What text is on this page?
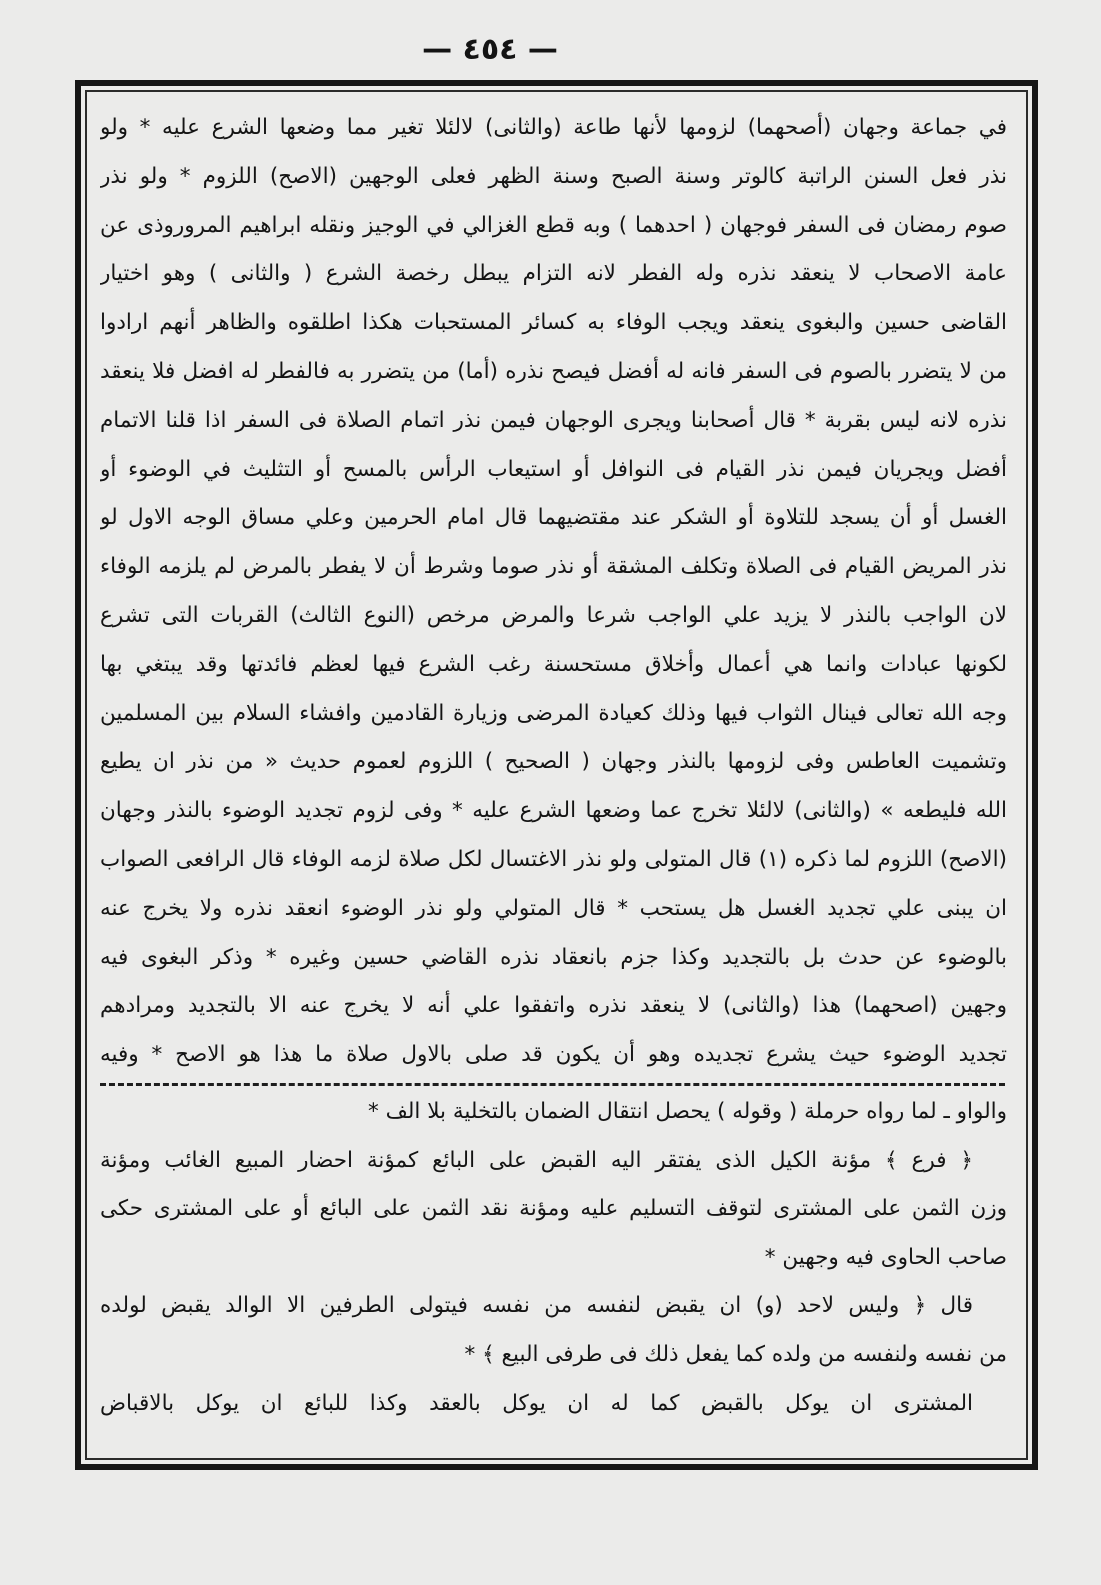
— ٤٥٤ —
في جماعة وجهان (أصحهما) لزومها لأنها طاعة (والثانى) لالئلا تغير مما وضعها الشرع عليه * ولو
نذر فعل السنن الراتبة كالوتر وسنة الصبح وسنة الظهر فعلى الوجهين (الاصح) اللزوم * ولو نذر
صوم رمضان فى السفر فوجهان ( احدهما ) وبه قطع الغزالي في الوجيز ونقله ابراهيم المروروذى عن
عامة الاصحاب لا ينعقد نذره وله الفطر لانه التزام يبطل رخصة الشرع ( والثانى ) وهو اختيار
القاضى حسين والبغوى ينعقد ويجب الوفاء به كسائر المستحبات هكذا اطلقوه والظاهر أنهم ارادوا
من لا يتضرر بالصوم فى السفر فانه له أفضل فيصح نذره (أما) من يتضرر به فالفطر له افضل فلا ينعقد
نذره لانه ليس بقربة * قال أصحابنا ويجرى الوجهان فيمن نذر اتمام الصلاة فى السفر اذا قلنا الاتمام
أفضل ويجريان فيمن نذر القيام فى النوافل أو استيعاب الرأس بالمسح أو التثليث في الوضوء أو
الغسل أو أن يسجد للتلاوة أو الشكر عند مقتضيهما قال امام الحرمين وعلي مساق الوجه الاول لو
نذر المريض القيام فى الصلاة وتكلف المشقة أو نذر صوما وشرط أن لا يفطر بالمرض لم يلزمه الوفاء
لان الواجب بالنذر لا يزيد علي الواجب شرعا والمرض مرخص (النوع الثالث) القربات التى تشرع
لكونها عبادات وانما هي أعمال وأخلاق مستحسنة رغب الشرع فيها لعظم فائدتها وقد يبتغي بها
وجه الله تعالى فينال الثواب فيها وذلك كعيادة المرضى وزيارة القادمين وافشاء السلام بين المسلمين
وتشميت العاطس وفى لزومها بالنذر وجهان ( الصحيح ) اللزوم لعموم حديث « من نذر ان يطيع
الله فليطعه » (والثانى) لالئلا تخرج عما وضعها الشرع عليه * وفى لزوم تجديد الوضوء بالنذر وجهان
(الاصح) اللزوم لما ذكره (١) قال المتولى ولو نذر الاغتسال لكل صلاة لزمه الوفاء قال الرافعى الصواب
ان يبنى علي تجديد الغسل هل يستحب * قال المتولي ولو نذر الوضوء انعقد نذره ولا يخرج عنه
بالوضوء عن حدث بل بالتجديد وكذا جزم بانعقاد نذره القاضي حسين وغيره * وذكر البغوى فيه
وجهين (اصحهما) هذا (والثانى) لا ينعقد نذره واتفقوا علي أنه لا يخرج عنه الا بالتجديد ومرادهم
تجديد الوضوء حيث يشرع تجديده وهو أن يكون قد صلى بالاول صلاة ما هذا هو الاصح * وفيه
والواو ـ لما رواه حرملة ( وقوله ) يحصل انتقال الضمان بالتخلية بلا الف *
﴿ فرع ﴾ مؤنة الكيل الذى يفتقر اليه القبض على البائع كمؤنة احضار المبيع الغائب ومؤنة
وزن الثمن على المشترى لتوقف التسليم عليه ومؤنة نقد الثمن على البائع أو على المشترى حكى
صاحب الحاوى فيه وجهين *
قال ﴿ وليس لاحد (و) ان يقبض لنفسه من نفسه فيتولى الطرفين الا الوالد يقبض لولده
من نفسه ولنفسه من ولده كما يفعل ذلك فى طرفى البيع ﴾ *
المشترى ان يوكل بالقبض كما له ان يوكل بالعقد وكذا للبائع ان يوكل بالاقباض
